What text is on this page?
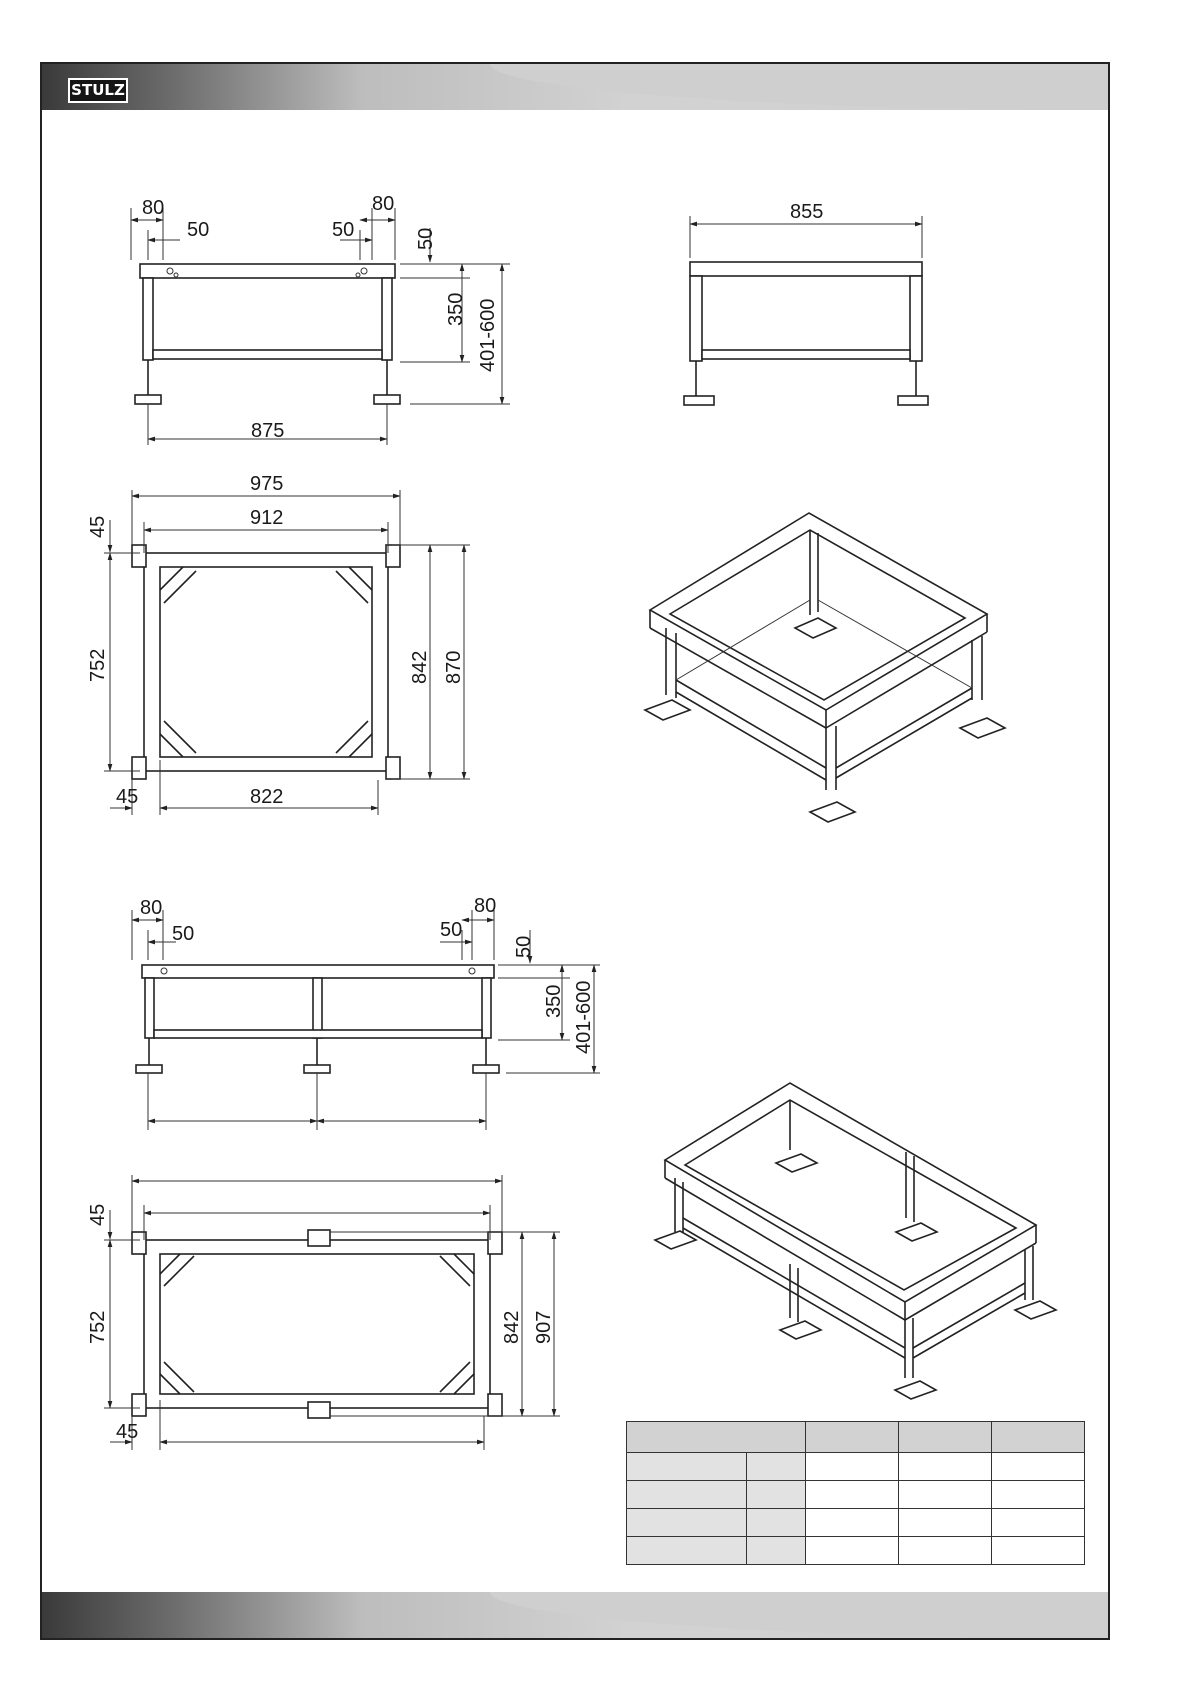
STULZ
80
50
80
50	50
350 401-600
875
855
975
912
45
752	842 870
45	822
80
50
80
50
50
350 401-600
45
752	842 907
45
